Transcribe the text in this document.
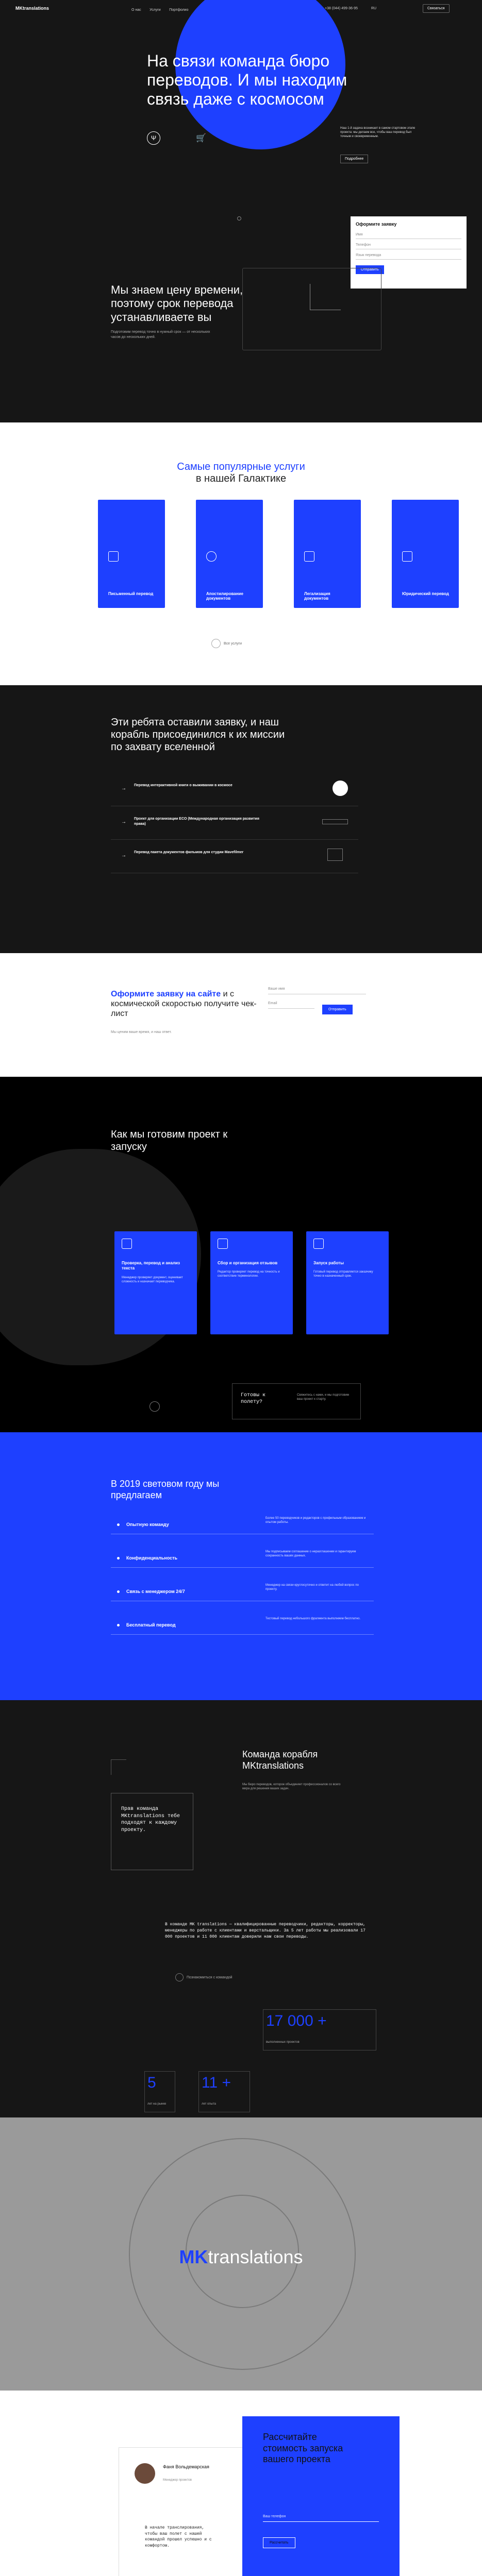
MKtranslations	О нас Услуги Портфолио	+38 (044) 499-36-95	RU	Связаться
На связи команда бюро
переводов. И мы находим
связь даже с космосом
Ψ	🛒
Наш 1-й задача возникает в самом стартовом этапе проекта: мы делаем все, чтобы ваш перевод был точным и своевременным.
Подробнее
Мы знаем цену времени,
поэтому срок перевода
устанавливаете вы
Подготовим перевод точно в нужный срок — от нескольких часов до нескольких дней.
Оформите заявку
Имя
Телефон
Язык перевода
Отправить
Самые популярные услуги
в нашей Галактике
Письменный перевод	Апостилирование документов
Легализация документов
Юридический перевод
Все услуги
Эти ребята оставили заявку, и наш
корабль присоединился к их миссии
по захвату вселенной
→
Перевод интерактивной книги о выживании в космосе
→
Проект для организации ECO (Международная организация развития права)
→
Перевод пакета документов фильмов для студии Mavefilmer
Оформите заявку на сайте и с космической скоростью получите чек-лист
Мы ценим ваше время, и наш ответ.
Ваше имя
Email
Отправить
Как мы готовим проект к
запуску
Проверка, перевод и анализ текста
Менеджер проверяет документ, оценивает сложность и назначает переводчика.
Сбор и организация отзывов
Редактор проверяет перевод на точность и соответствие терминологии.
Запуск работы
Готовый перевод отправляется заказчику точно в назначенный срок.
Готовы к полету?
Свяжитесь с нами, и мы подготовим ваш проект к старту.
В 2019 световом году мы
предлагаем
Опытную команду
Более 50 переводчиков и редакторов с профильным образованием и опытом работы.
Конфиденциальность
Мы подписываем соглашение о неразглашении и гарантируем сохранность ваших данных.
Связь с менеджером 24/7
Менеджер на связи круглосуточно и ответит на любой вопрос по проекту.
Бесплатный перевод
Тестовый перевод небольшого фрагмента выполняем бесплатно.
Прав команда MKtranslations тебе подходят к каждому проекту.
Команда корабля
MKtranslations
Мы бюро переводов, которое объединяет профессионалов со всего мира для решения ваших задач.
В команде MK translations — квалифицированные переводчики, редакторы, корректоры, менеджеры по работе с клиентами и верстальщики. За 5 лет работы мы реализовали 17 000 проектов и 11 000 клиентам доверили нам свои переводы.
Познакомиться с командой
17 000 +
выполненных проектов
5
лет на рынке
11 +
лет опыта
MKtranslations
Фаня Вольдемарская
Менеджер проектов
В начале транслирования, чтобы ваш полет с нашей командой прошел успешно и с комфортом.
Рассчитайте
стоимость запуска
вашего проекта
Ваш телефон
Рассчитать
